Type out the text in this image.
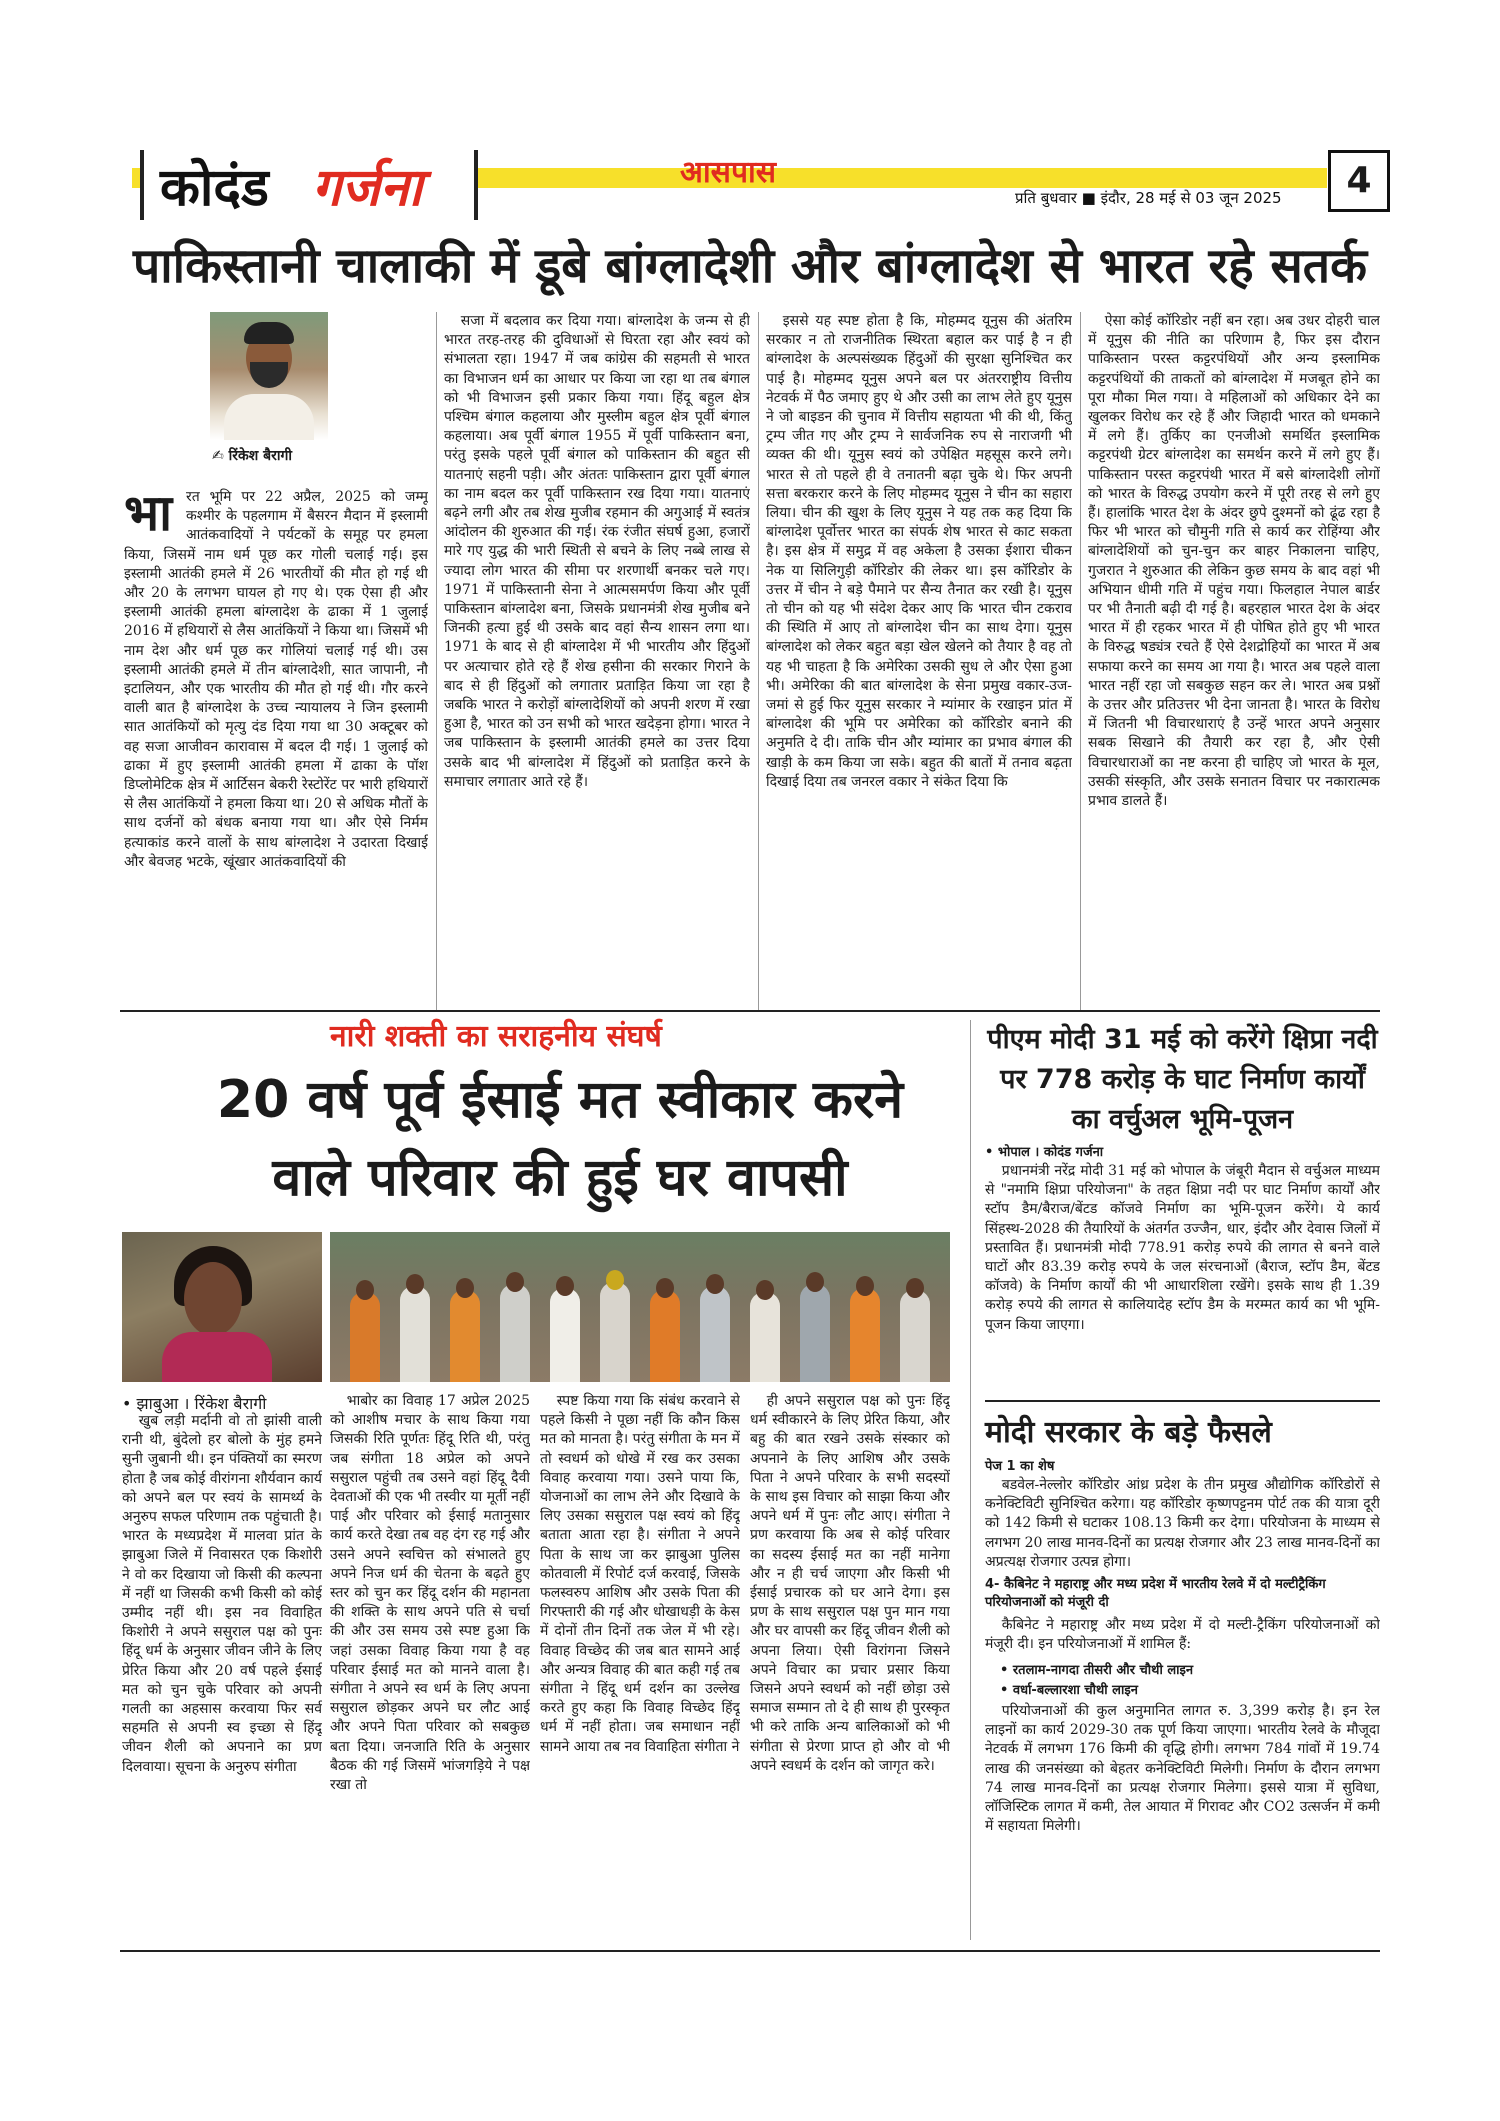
कोदंड गर्जना	आसपास
प्रति बुधवार ■ इंदौर, 28 मई से 03 जून 2025	4
पाकिस्तानी चालाकी में डूबे बांग्लादेशी और बांग्लादेश से भारत रहे सतर्क
✍ रिंकेश बैरागी
भा रत भूमि पर 22 अप्रैल, 2025 को जम्मू कश्मीर के पहलगाम में बैसरन मैदान में इस्लामी आतंकवादियों ने पर्यटकों के समूह पर हमला किया, जिसमें नाम धर्म पूछ कर गोली चलाई गई। इस इस्लामी आतंकी हमले में 26 भारतीयों की मौत हो गई थी और 20 के लगभग घायल हो गए थे। एक ऐसा ही और इस्लामी आतंकी हमला बांग्लादेश के ढाका में 1 जुलाई 2016 में हथियारों से लैस आतंकियों ने किया था। जिसमें भी नाम देश और धर्म पूछ कर गोलियां चलाई गई थी। उस इस्लामी आतंकी हमले में तीन बांग्लादेशी, सात जापानी, नौ इटालियन, और एक भारतीय की मौत हो गई थी। गौर करने वाली बात है बांग्लादेश के उच्च न्यायालय ने जिन इस्लामी सात आतंकियों को मृत्यु दंड दिया गया था 30 अक्टूबर को वह सजा आजीवन कारावास में बदल दी गई। 1 जुलाई को ढाका में हुए इस्लामी आतंकी हमला में ढाका के पॉश डिप्लोमेटिक क्षेत्र में आर्टिसन बेकरी रेस्टोरेंट पर भारी हथियारों से लैस आतंकियों ने हमला किया था। 20 से अधिक मौतों के साथ दर्जनों को बंधक बनाया गया था। और ऐसे निर्मम हत्याकांड करने वालों के साथ बांग्लादेश ने उदारता दिखाई और बेवजह भटके, खूंखार आतंकवादियों की

सजा में बदलाव कर दिया गया। बांग्लादेश के जन्म से ही भारत तरह-तरह की दुविधाओं से घिरता रहा और स्वयं को संभालता रहा। 1947 में जब कांग्रेस की सहमती से भारत का विभाजन धर्म का आधार पर किया जा रहा था तब बंगाल को भी विभाजन इसी प्रकार किया गया। हिंदू बहुल क्षेत्र पश्चिम बंगाल कहलाया और मुस्लीम बहुल क्षेत्र पूर्वी बंगाल कहलाया। अब पूर्वी बंगाल 1955 में पूर्वी पाकिस्तान बना, परंतु इसके पहले पूर्वी बंगाल को पाकिस्तान की बहुत सी यातनाएं सहनी पड़ी। और अंततः पाकिस्तान द्वारा पूर्वी बंगाल का नाम बदल कर पूर्वी पाकिस्तान रख दिया गया। यातनाएं बढ़ने लगी और तब शेख मुजीब रहमान की अगुआई में स्वतंत्र आंदोलन की शुरुआत की गई। रंक रंजीत संघर्ष हुआ, हजारों मारे गए युद्ध की भारी स्थिती से बचने के लिए नब्बे लाख से ज्यादा लोग भारत की सीमा पर शरणार्थी बनकर चले गए। 1971 में पाकिस्तानी सेना ने आत्मसमर्पण किया और पूर्वी पाकिस्तान बांग्लादेश बना, जिसके प्रधानमंत्री शेख मुजीब बने जिनकी हत्या हुई थी उसके बाद वहां सैन्य शासन लगा था। 1971 के बाद से ही बांग्लादेश में भी भारतीय और हिंदुओं पर अत्याचार होते रहे हैं शेख हसीना की सरकार गिराने के बाद से ही हिंदुओं को लगातार प्रताड़ित किया जा रहा है जबकि भारत ने करोड़ों बांग्लादेशियों को अपनी शरण में रखा हुआ है, भारत को उन सभी को भारत खदेड़ना होगा। भारत ने जब पाकिस्तान के इस्लामी आतंकी हमले का उत्तर दिया उसके बाद भी बांग्लादेश में हिंदुओं को प्रताड़ित करने के समाचार लगातार आते रहे हैं।

इससे यह स्पष्ट होता है कि, मोहम्मद यूनुस की अंतरिम सरकार न तो राजनीतिक स्थिरता बहाल कर पाई है न ही बांग्लादेश के अल्पसंख्यक हिंदुओं की सुरक्षा सुनिश्चित कर पाई है। मोहम्मद यूनुस अपने बल पर अंतरराष्ट्रीय वित्तीय नेटवर्क में पैठ जमाए हुए थे और उसी का लाभ लेते हुए यूनुस ने जो बाइडन की चुनाव में वित्तीय सहायता भी की थी, किंतु ट्रम्प जीत गए और ट्रम्प ने सार्वजनिक रुप से नाराजगी भी व्यक्त की थी। यूनुस स्वयं को उपेक्षित महसूस करने लगे। भारत से तो पहले ही वे तनातनी बढ़ा चुके थे। फिर अपनी सत्ता बरकरार करने के लिए मोहम्मद यूनुस ने चीन का सहारा लिया। चीन की खुश के लिए यूनुस ने यह तक कह दिया कि बांग्लादेश पूर्वोत्तर भारत का संपर्क शेष भारत से काट सकता है। इस क्षेत्र में समुद्र में वह अकेला है उसका ईशारा चीकन नेक या सिलिगुड़ी कॉरिडोर की लेकर था। इस कॉरिडोर के उत्तर में चीन ने बड़े पैमाने पर सैन्य तैनात कर रखी है। यूनुस तो चीन को यह भी संदेश देकर आए कि भारत चीन टकराव की स्थिति में आए तो बांग्लादेश चीन का साथ देगा। यूनुस बांग्लादेश को लेकर बहुत बड़ा खेल खेलने को तैयार है वह तो यह भी चाहता है कि अमेरिका उसकी सुध ले और ऐसा हुआ भी। अमेरिका की बात बांग्लादेश के सेना प्रमुख वकार-उज-जमां से हुई फिर यूनुस सरकार ने म्यांमार के रखाइन प्रांत में बांग्लादेश की भूमि पर अमेरिका को कॉरिडोर बनाने की अनुमति दे दी। ताकि चीन और म्यांमार का प्रभाव बंगाल की खाड़ी के कम किया जा सके। बहुत की बातों में तनाव बढ़ता दिखाई दिया तब जनरल वकार ने संकेत दिया कि

ऐसा कोई कॉरिडोर नहीं बन रहा। अब उधर दोहरी चाल में यूनुस की नीति का परिणाम है, फिर इस दौरान पाकिस्तान परस्त कट्टरपंथियों और अन्य इस्लामिक कट्टरपंथियों की ताकतों को बांग्लादेश में मजबूत होने का पूरा मौका मिल गया। वे महिलाओं को अधिकार देने का खुलकर विरोध कर रहे हैं और जिहादी भारत को धमकाने में लगे हैं। तुर्किए का एनजीओ समर्थित इस्लामिक कट्टरपंथी ग्रेटर बांग्लादेश का समर्थन करने में लगे हुए हैं। पाकिस्तान परस्त कट्टरपंथी भारत में बसे बांग्लादेशी लोगों को भारत के विरुद्ध उपयोग करने में पूरी तरह से लगे हुए हैं। हालांकि भारत देश के अंदर छुपे दुश्मनों को ढूंढ रहा है फिर भी भारत को चौमुनी गति से कार्य कर रोहिंग्या और बांग्लादेशियों को चुन-चुन कर बाहर निकालना चाहिए, गुजरात ने शुरुआत की लेकिन कुछ समय के बाद वहां भी अभियान धीमी गति में पहुंच गया। फिलहाल नेपाल बार्डर पर भी तैनाती बढ़ी दी गई है। बहरहाल भारत देश के अंदर भारत में ही रहकर भारत में ही पोषित होते हुए भी भारत के विरुद्ध षड्यंत्र रचते हैं ऐसे देशद्रोहियों का भारत में अब सफाया करने का समय आ गया है। भारत अब पहले वाला भारत नहीं रहा जो सबकुछ सहन कर ले। भारत अब प्रश्नों के उत्तर और प्रतिउत्तर भी देना जानता है। भारत के विरोध में जितनी भी विचारधाराएं है उन्हें भारत अपने अनुसार सबक सिखाने की तैयारी कर रहा है, और ऐसी विचारधाराओं का नष्ट करना ही चाहिए जो भारत के मूल, उसकी संस्कृति, और उसके सनातन विचार पर नकारात्मक प्रभाव डालते हैं।

नारी शक्ती का सराहनीय संघर्ष
20 वर्ष पूर्व ईसाई मत स्वीकार करने
वाले परिवार की हुई घर वापसी
• झाबुआ । रिंकेश बैरागी

खुब लड़ी मर्दानी वो तो झांसी वाली रानी थी, बुंदेलो हर बोलो के मुंह हमने सुनी जुबानी थी। इन पंक्तियों का स्मरण होता है जब कोई वीरांगना शौर्यवान कार्य को अपने बल पर स्वयं के सामर्थ्य के अनुरुप सफल परिणाम तक पहुंचाती है। भारत के मध्यप्रदेश में मालवा प्रांत के झाबुआ जिले में निवासरत एक किशोरी ने वो कर दिखाया जो किसी की कल्पना में नहीं था जिसकी कभी किसी को कोई उम्मीद नहीं थी। इस नव विवाहित किशोरी ने अपने ससुराल पक्ष को पुनः हिंदू धर्म के अनुसार जीवन जीने के लिए प्रेरित किया और 20 वर्ष पहले ईसाई मत को चुन चुके परिवार को अपनी गलती का अहसास करवाया फिर सर्व सहमति से अपनी स्व इच्छा से हिंदू जीवन शैली को अपनाने का प्रण दिलवाया। सूचना के अनुरुप संगीता

भाबोर का विवाह 17 अप्रेल 2025 को आशीष मचार के साथ किया गया जिसकी रिति पूर्णतः हिंदू रिति थी, परंतु जब संगीता 18 अप्रेल को अपने ससुराल पहुंची तब उसने वहां हिंदू दैवी देवताओं की एक भी तस्वीर या मूर्ती नहीं पाई और परिवार को ईसाई मतानुसार कार्य करते देखा तब वह दंग रह गई और उसने अपने स्वचित्त को संभालते हुए अपने निज धर्म की चेतना के बढ़ते हुए स्तर को चुन कर हिंदू दर्शन की महानता की शक्ति के साथ अपने पति से चर्चा की और उस समय उसे स्पष्ट हुआ कि जहां उसका विवाह किया गया है वह परिवार ईसाई मत को मानने वाला है। संगीता ने अपने स्व धर्म के लिए अपना ससुराल छोड़कर अपने घर लौट आई और अपने पिता परिवार को सबकुछ बता दिया। जनजाति रिति के अनुसार बैठक की गई जिसमें भांजगड़िये ने पक्ष रखा तो

स्पष्ट किया गया कि संबंध करवाने से पहले किसी ने पूछा नहीं कि कौन किस मत को मानता है। परंतु संगीता के मन में तो स्वधर्म को धोखे में रख कर उसका विवाह करवाया गया। उसने पाया कि, योजनाओं का लाभ लेने और दिखावे के लिए उसका ससुराल पक्ष स्वयं को हिंदू बताता आता रहा है। संगीता ने अपने पिता के साथ जा कर झाबुआ पुलिस कोतवाली में रिपोर्ट दर्ज करवाई, जिसके फलस्वरुप आशिष और उसके पिता की गिरफ्तारी की गई और धोखाधड़ी के केस में दोनों तीन दिनों तक जेल में भी रहे। विवाह विच्छेद की जब बात सामने आई और अन्यत्र विवाह की बात कही गई तब संगीता ने हिंदू धर्म दर्शन का उल्लेख करते हुए कहा कि विवाह विच्छेद हिंदू धर्म में नहीं होता। जब समाधान नहीं सामने आया तब नव विवाहिता संगीता ने

ही अपने ससुराल पक्ष को पुनः हिंदू धर्म स्वीकारने के लिए प्रेरित किया, और बहु की बात रखने उसके संस्कार को अपनाने के लिए आशिष और उसके पिता ने अपने परिवार के सभी सदस्यों के साथ इस विचार को साझा किया और अपने धर्म में पुनः लौट आए। संगीता ने प्रण करवाया कि अब से कोई परिवार का सदस्य ईसाई मत का नहीं मानेगा और न ही चर्च जाएगा और किसी भी ईसाई प्रचारक को घर आने देगा। इस प्रण के साथ ससुराल पक्ष पुन मान गया और घर वापसी कर हिंदू जीवन शैली को अपना लिया। ऐसी विरांगना जिसने अपने विचार का प्रचार प्रसार किया जिसने अपने स्वधर्म को नहीं छोड़ा उसे समाज सम्मान तो दे ही साथ ही पुरस्कृत भी करे ताकि अन्य बालिकाओं को भी संगीता से प्रेरणा प्राप्त हो और वो भी अपने स्वधर्म के दर्शन को जागृत करे।

पीएम मोदी 31 मई को करेंगे क्षिप्रा नदी पर 778 करोड़ के घाट निर्माण कार्यों का वर्चुअल भूमि-पूजन
• भोपाल । कोदंड गर्जना

प्रधानमंत्री नरेंद्र मोदी 31 मई को भोपाल के जंबूरी मैदान से वर्चुअल माध्यम से "नमामि क्षिप्रा परियोजना" के तहत क्षिप्रा नदी पर घाट निर्माण कार्यों और स्टॉप डैम/बैराज/बेंटड कॉजवे निर्माण का भूमि-पूजन करेंगे। ये कार्य सिंहस्थ-2028 की तैयारियों के अंतर्गत उज्जैन, धार, इंदौर और देवास जिलों में प्रस्तावित हैं। प्रधानमंत्री मोदी 778.91 करोड़ रुपये की लागत से बनने वाले घाटों और 83.39 करोड़ रुपये के जल संरचनाओं (बैराज, स्टॉप डैम, बेंटड कॉजवे) के निर्माण कार्यों की भी आधारशिला रखेंगे। इसके साथ ही 1.39 करोड़ रुपये की लागत से कालियादेह स्टॉप डैम के मरम्मत कार्य का भी भूमि-पूजन किया जाएगा।

मोदी सरकार के बड़े फैसले
पेज 1 का शेष

बडवेल-नेल्लोर कॉरिडोर आंध्र प्रदेश के तीन प्रमुख औद्योगिक कॉरिडोरों से कनेक्टिविटी सुनिश्चित करेगा। यह कॉरिडोर कृष्णपट्टनम पोर्ट तक की यात्रा दूरी को 142 किमी से घटाकर 108.13 किमी कर देगा। परियोजना के माध्यम से लगभग 20 लाख मानव-दिनों का प्रत्यक्ष रोजगार और 23 लाख मानव-दिनों का अप्रत्यक्ष रोजगार उत्पन्न होगा।

4- कैबिनेट ने महाराष्ट्र और मध्य प्रदेश में भारतीय रेलवे में दो मल्टीट्रैकिंग परियोजनाओं को मंजूरी दी

कैबिनेट ने महाराष्ट्र और मध्य प्रदेश में दो मल्टी-ट्रैकिंग परियोजनाओं को मंजूरी दी। इन परियोजनाओं में शामिल हैं:

• रतलाम-नागदा तीसरी और चौथी लाइन
• वर्धा-बल्लारशा चौथी लाइन

परियोजनाओं की कुल अनुमानित लागत रु. 3,399 करोड़ है। इन रेल लाइनों का कार्य 2029-30 तक पूर्ण किया जाएगा। भारतीय रेलवे के मौजूदा नेटवर्क में लगभग 176 किमी की वृद्धि होगी। लगभग 784 गांवों में 19.74 लाख की जनसंख्या को बेहतर कनेक्टिविटी मिलेगी। निर्माण के दौरान लगभग 74 लाख मानव-दिनों का प्रत्यक्ष रोजगार मिलेगा। इससे यात्रा में सुविधा, लॉजिस्टिक लागत में कमी, तेल आयात में गिरावट और CO2 उत्सर्जन में कमी में सहायता मिलेगी।
